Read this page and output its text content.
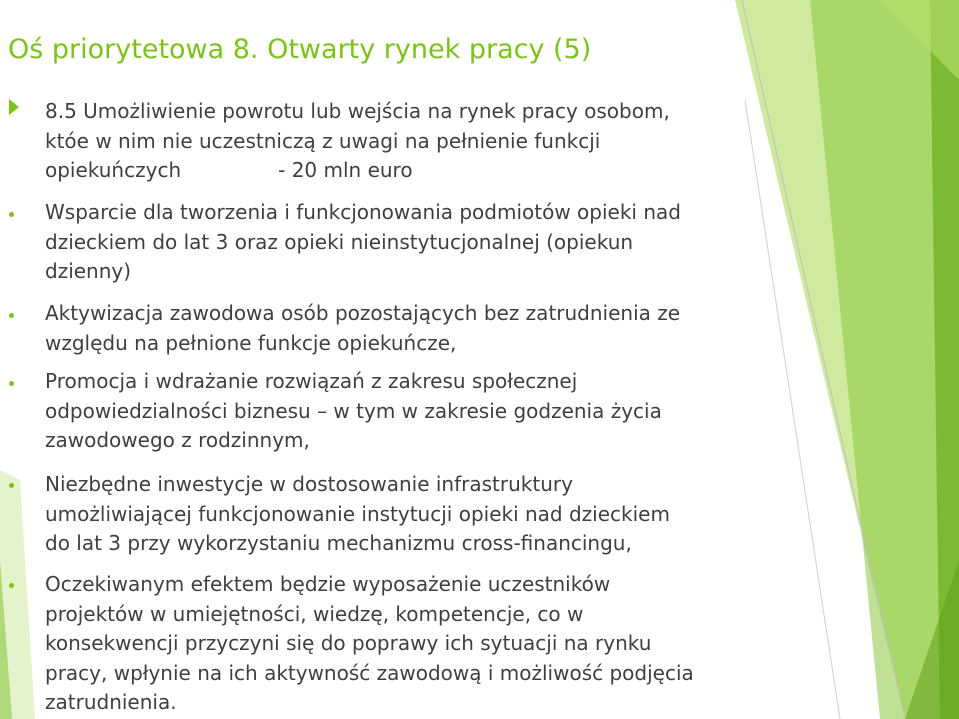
Oś priorytetowa 8. Otwarty rynek pracy (5)
8.5 Umożliwienie powrotu lub wejścia na rynek pracy osobom,
któe w nim nie uczestniczą z uwagi na pełnienie funkcji
opiekuńczych	- 20 mln euro
Wsparcie dla tworzenia i funkcjonowania podmiotów opieki nad
dzieckiem do lat 3 oraz opieki nieinstytucjonalnej (opiekun
dzienny)
Aktywizacja zawodowa osób pozostających bez zatrudnienia ze
względu na pełnione funkcje opiekuńcze,
Promocja i wdrażanie rozwiązań z zakresu społecznej
odpowiedzialności biznesu – w tym w zakresie godzenia życia
zawodowego z rodzinnym,
Niezbędne inwestycje w dostosowanie infrastruktury
umożliwiającej funkcjonowanie instytucji opieki nad dzieckiem
do lat 3 przy wykorzystaniu mechanizmu cross-financingu,
Oczekiwanym efektem będzie wyposażenie uczestników
projektów w umiejętności, wiedzę, kompetencje, co w
konsekwencji przyczyni się do poprawy ich sytuacji na rynku
pracy, wpłynie na ich aktywność zawodową i możliwość podjęcia
zatrudnienia.
